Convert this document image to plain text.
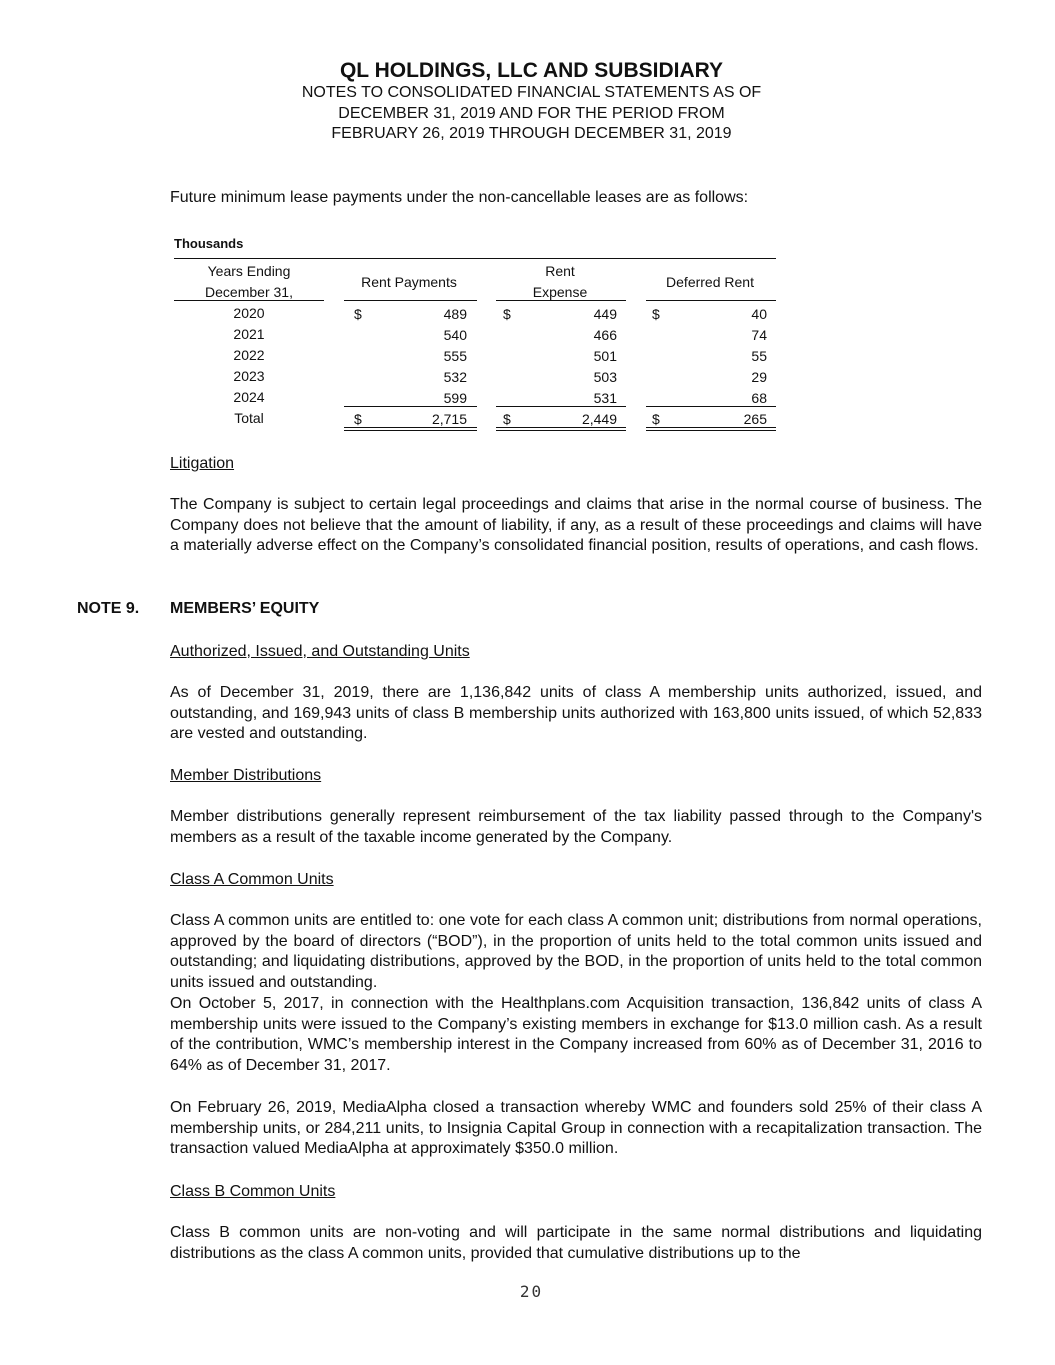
QL HOLDINGS, LLC AND SUBSIDIARY
NOTES TO CONSOLIDATED FINANCIAL STATEMENTS AS OF
DECEMBER 31, 2019 AND FOR THE PERIOD FROM
FEBRUARY 26, 2019 THROUGH DECEMBER 31, 2019
Future minimum lease payments under the non-cancellable leases are as follows:
Thousands
Years Ending
December 31,
Rent Payments
Rent
Expense
Deferred Rent
2020	$	489	$	449	$	40
2021	540	466	74
2022	555	501	55
2023	532	503	29
2024	599	531	68
Total	$	2,715	$	2,449	$	265
Litigation
The Company is subject to certain legal proceedings and claims that arise in the normal course of business. The Company does not believe that the amount of liability, if any, as a result of these proceedings and claims will have a materially adverse effect on the Company’s consolidated financial position, results of operations, and cash flows.
NOTE 9. MEMBERS’ EQUITY
Authorized, Issued, and Outstanding Units
As of December 31, 2019, there are 1,136,842 units of class A membership units authorized, issued, and outstanding, and 169,943 units of class B membership units authorized with 163,800 units issued, of which 52,833 are vested and outstanding.
Member Distributions
Member distributions generally represent reimbursement of the tax liability passed through to the Company's members as a result of the taxable income generated by the Company.
Class A Common Units
Class A common units are entitled to: one vote for each class A common unit; distributions from normal operations, approved by the board of directors (“BOD”), in the proportion of units held to the total common units issued and outstanding; and liquidating distributions, approved by the BOD, in the proportion of units held to the total common units issued and outstanding.
On October 5, 2017, in connection with the Healthplans.com Acquisition transaction, 136,842 units of class A membership units were issued to the Company’s existing members in exchange for $13.0 million cash. As a result of the contribution, WMC’s membership interest in the Company increased from 60% as of December 31, 2016 to 64% as of December 31, 2017.
On February 26, 2019, MediaAlpha closed a transaction whereby WMC and founders sold 25% of their class A membership units, or 284,211 units, to Insignia Capital Group in connection with a recapitalization transaction. The transaction valued MediaAlpha at approximately $350.0 million.
Class B Common Units
Class B common units are non-voting and will participate in the same normal distributions and liquidating distributions as the class A common units, provided that cumulative distributions up to the
20
